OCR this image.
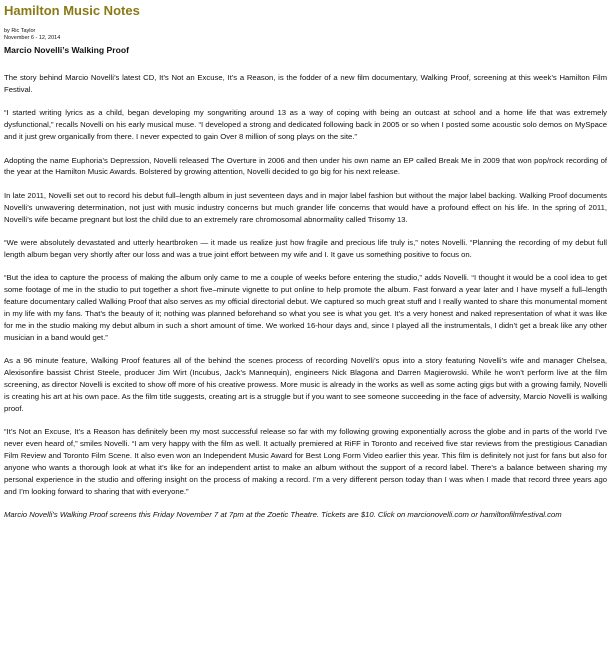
Hamilton Music Notes
by Ric Taylor
November 6 - 12, 2014
Marcio Novelli’s Walking Proof

The story behind Marcio Novelli’s latest CD, It’s Not an Excuse, It’s a Reason, is the fodder of a new film documentary, Walking Proof, screening at this week’s Hamilton Film Festival.

“I started writing lyrics as a child, began developing my songwriting around 13 as a way of coping with being an outcast at school and a home life that was extremely dysfunctional,” recalls Novelli on his early musical muse. “I developed a strong and dedicated following back in 2005 or so when I posted some acoustic solo demos on MySpace and it just grew organically from there. I never expected to gain Over 8 million of song plays on the site.”

Adopting the name Euphoria’s Depression, Novelli released The Overture in 2006 and then under his own name an EP called Break Me in 2009 that won pop/rock recording of the year at the Hamilton Music Awards. Bolstered by growing attention, Novelli decided to go big for his next release.

In late 2011, Novelli set out to record his debut full–length album in just seventeen days and in major label fashion but without the major label backing. Walking Proof documents Novelli’s unwavering determination, not just with music industry concerns but much grander life concerns that would have a profound effect on his life. In the spring of 2011, Novelli’s wife became pregnant but lost the child due to an extremely rare chromosomal abnormality called Trisomy 13.

“We were absolutely devastated and utterly heartbroken — it made us realize just how fragile and precious life truly is,” notes Novelli. “Planning the recording of my debut full length album began very shortly after our loss and was a true joint effort between my wife and I. It gave us something positive to focus on.

“But the idea to capture the process of making the album only came to me a couple of weeks before entering the studio,” adds Novelli. “I thought it would be a cool idea to get some footage of me in the studio to put together a short five–minute vignette to put online to help promote the album. Fast forward a year later and I have myself a full–length feature documentary called Walking Proof that also serves as my official directorial debut. We captured so much great stuff and I really wanted to share this monumental moment in my life with my fans. That’s the beauty of it; nothing was planned beforehand so what you see is what you get. It’s a very honest and naked representation of what it was like for me in the studio making my debut album in such a short amount of time. We worked 16-hour days and, since I played all the instrumentals, I didn’t get a break like any other musician in a band would get.”

As a 96 minute feature, Walking Proof features all of the behind the scenes process of recording Novelli’s opus into a story featuring Novelli’s wife and manager Chelsea, Alexisonfire bassist Christ Steele, producer Jim Wirt (Incubus, Jack’s Mannequin), engineers Nick Blagona and Darren Magierowski. While he won’t perform live at the film screening, as director Novelli is excited to show off more of his creative prowess. More music is already in the works as well as some acting gigs but with a growing family, Novelli is creating his art at his own pace. As the film title suggests, creating art is a struggle but if you want to see someone succeeding in the face of adversity, Marcio Novelli is walking proof.

“It’s Not an Excuse, It’s a Reason has definitely been my most successful release so far with my following growing exponentially across the globe and in parts of the world I’ve never even heard of,” smiles Novelli. “I am very happy with the film as well. It actually premiered at RiFF in Toronto and received five star reviews from the prestigious Canadian Film Review and Toronto Film Scene. It also even won an Independent Music Award for Best Long Form Video earlier this year. This film is definitely not just for fans but also for anyone who wants a thorough look at what it’s like for an independent artist to make an album without the support of a record label. There’s a balance between sharing my personal experience in the studio and offering insight on the process of making a record. I’m a very different person today than I was when I made that record three years ago and I’m looking forward to sharing that with everyone.”

Marcio Novelli’s Walking Proof screens this Friday November 7 at 7pm at the Zoetic Theatre. Tickets are $10. Click on marcionovelli.com or hamiltonfilmfestival.com
